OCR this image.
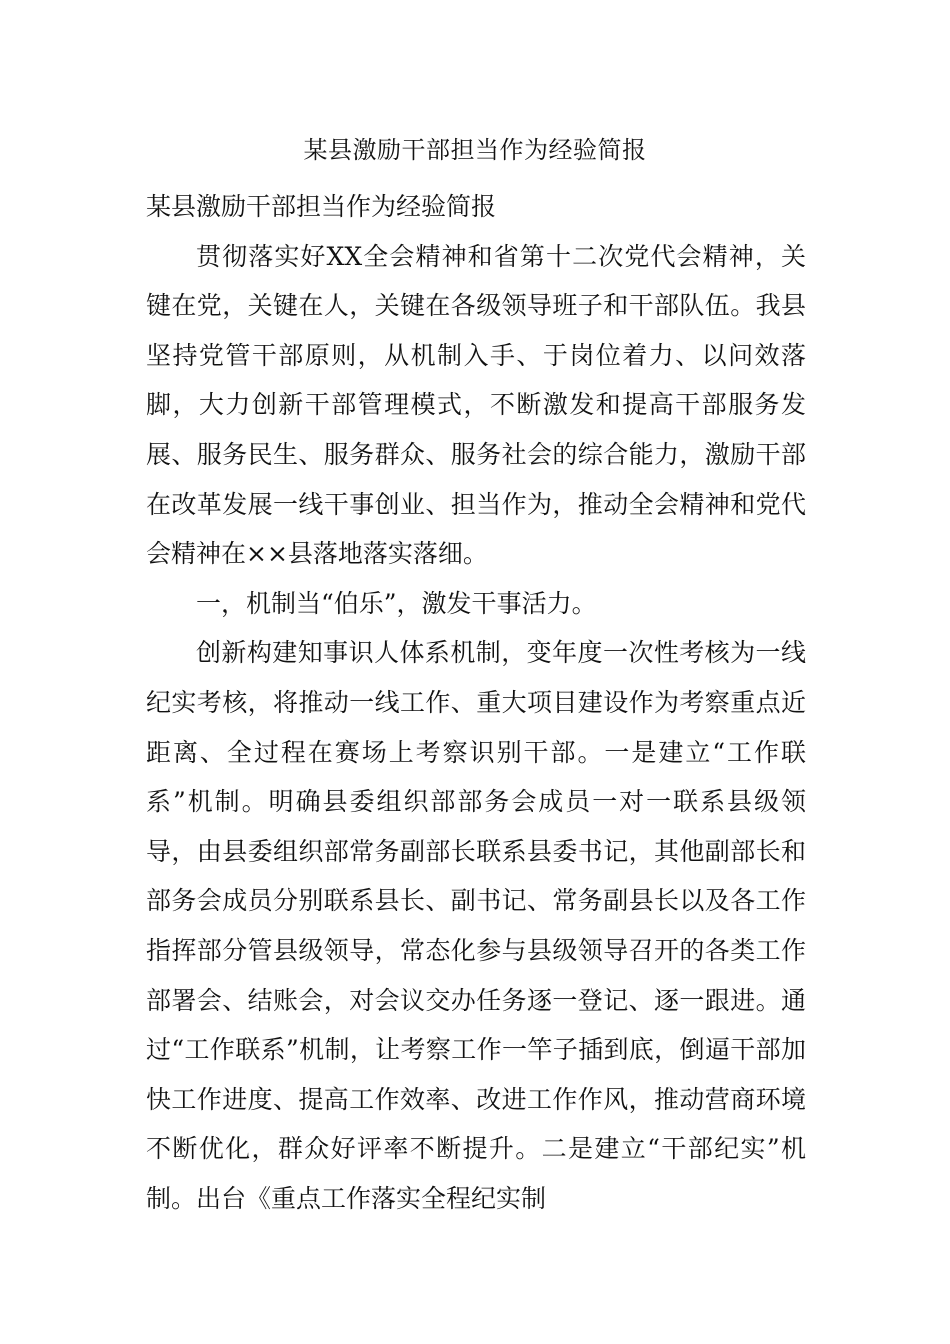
某县激励干部担当作为经验简报

某县激励干部担当作为经验简报

贯彻落实好XX全会精神和省第十二次党代会精神，关键在党，关键在人，关键在各级领导班子和干部队伍。我县坚持党管干部原则，从机制入手、于岗位着力、以问效落脚，大力创新干部管理模式，不断激发和提高干部服务发展、服务民生、服务群众、服务社会的综合能力，激励干部在改革发展一线干事创业、担当作为，推动全会精神和党代会精神在××县落地落实落细。

一，机制当“伯乐”，激发干事活力。

创新构建知事识人体系机制，变年度一次性考核为一线纪实考核，将推动一线工作、重大项目建设作为考察重点近距离、全过程在赛场上考察识别干部。一是建立“工作联系”机制。明确县委组织部部务会成员一对一联系县级领导，由县委组织部常务副部长联系县委书记，其他副部长和部务会成员分别联系县长、副书记、常务副县长以及各工作指挥部分管县级领导，常态化参与县级领导召开的各类工作部署会、结账会，对会议交办任务逐一登记、逐一跟进。通过“工作联系”机制，让考察工作一竿子插到底，倒逼干部加快工作进度、提高工作效率、改进工作作风，推动营商环境不断优化，群众好评率不断提升。二是建立“干部纪实”机制。出台《重点工作落实全程纪实制
